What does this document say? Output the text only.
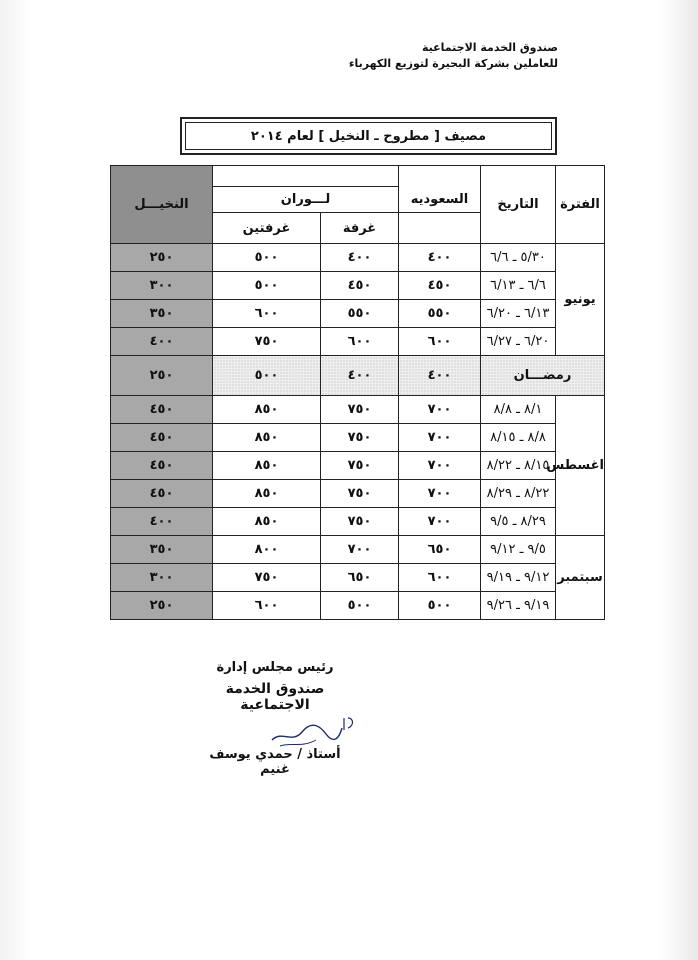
صندوق الخدمة الاجتماعية
للعاملين بشركة البحيرة لتوزيع الكهرباء
مصيف [ مطروح ـ النخيل ] لعام ٢٠١٤
النخيـــل				التاريخ	الفترة
	لـــوران		السعوديه		
	غرفتين	غرفة			
٢٥٠	٥٠٠	٤٠٠	٤٠٠	٥/٣٠ ـ ٦/٦	يونيو
٣٠٠	٥٠٠	٤٥٠	٤٥٠	٦/٦ ـ ٦/١٣	
٣٥٠	٦٠٠	٥٥٠	٥٥٠	٦/١٣ ـ ٦/٢٠	
٤٠٠	٧٥٠	٦٠٠	٦٠٠	٦/٢٠ ـ ٦/٢٧	
٢٥٠	٥٠٠	٤٠٠	٤٠٠	رمضـــان	
٤٥٠	٨٥٠	٧٥٠	٧٠٠	٨/١ ـ ٨/٨	اغسطس
٤٥٠	٨٥٠	٧٥٠	٧٠٠	٨/٨ ـ ٨/١٥	
٤٥٠	٨٥٠	٧٥٠	٧٠٠	٨/١٥ ـ ٨/٢٢	
٤٥٠	٨٥٠	٧٥٠	٧٠٠	٨/٢٢ ـ ٨/٢٩	
٤٠٠	٨٥٠	٧٥٠	٧٠٠	٨/٢٩ ـ ٩/٥	
٣٥٠	٨٠٠	٧٠٠	٦٥٠	٩/٥ ـ ٩/١٢	سبتمبر
٣٠٠	٧٥٠	٦٥٠	٦٠٠	٩/١٢ ـ ٩/١٩	
٢٥٠	٦٠٠	٥٠٠	٥٠٠	٩/١٩ ـ ٩/٢٦	
رئيس مجلس إدارة
صندوق الخدمة الاجتماعية
أستاذ / حمدي يوسف غنيم
